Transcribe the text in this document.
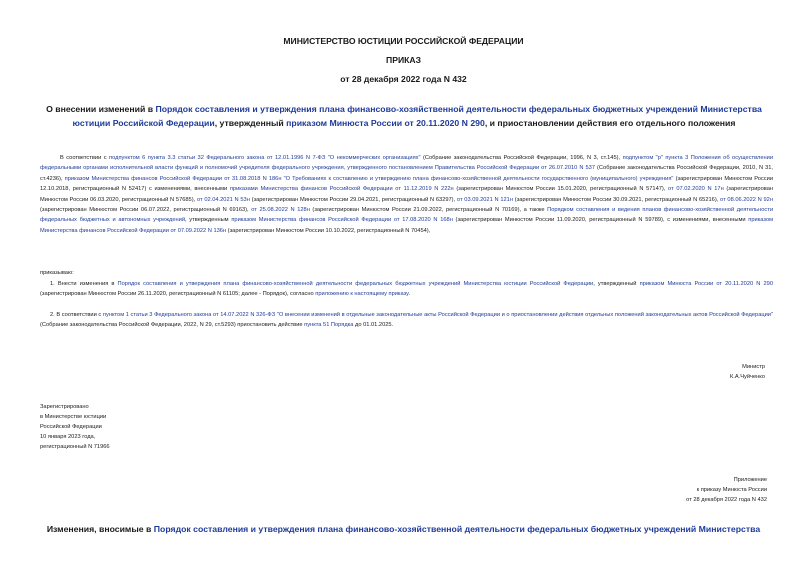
МИНИСТЕРСТВО ЮСТИЦИИ РОССИЙСКОЙ ФЕДЕРАЦИИ
ПРИКАЗ
от 28 декабря 2022 года N 432
О внесении изменений в Порядок составления и утверждения плана финансово-хозяйственной деятельности федеральных бюджетных учреждений Министерства юстиции Российской Федерации, утвержденный приказом Минюста России от 20.11.2020 N 290, и приостановлении действия его отдельного положения
В соответствии с подпунктом 6 пункта 3.3 статьи 32 Федерального закона от 12.01.1996 N 7-ФЗ "О некоммерческих организациях" (Собрание законодательства Российской Федерации, 1996, N 3, ст.145), подпунктом "р" пункта 3 Положения об осуществлении федеральными органами исполнительной власти функций и полномочий учредителя федерального учреждения, утвержденного постановлением Правительства Российской Федерации от 26.07.2010 N 537 (Собрание законодательства Российской Федерации, 2010, N 31, ст.4236), приказом Министерства финансов Российской Федерации от 31.08.2018 N 186н "О Требованиях к составлению и утверждению плана финансово-хозяйственной деятельности государственного (муниципального) учреждения" (зарегистрирован Минюстом России 12.10.2018, регистрационный N 52417) с изменениями, внесенными приказами Министерства финансов Российской Федерации от 11.12.2019 N 222н (зарегистрирован Минюстом России 15.01.2020, регистрационный N 57147), от 07.02.2020 N 17н (зарегистрирован Минюстом России 06.03.2020, регистрационный N 57685), от 02.04.2021 N 53н (зарегистрирован Минюстом России 29.04.2021, регистрационный N 63297), от 03.09.2021 N 121н (зарегистрирован Минюстом России 30.09.2021, регистрационный N 65216), от 08.06.2022 N 92н (зарегистрирован Минюстом России 06.07.2022, регистрационный N 69163), от 25.08.2022 N 128н (зарегистрирован Минюстом России 21.09.2022, регистрационный N 70169), а также Порядком составления и ведения планов финансово-хозяйственной деятельности федеральных бюджетных и автономных учреждений, утвержденным приказом Министерства финансов Российской Федерации от 17.08.2020 N 168н (зарегистрирован Минюстом России 11.09.2020, регистрационный N 59789), с изменениями, внесенными приказом Министерства финансов Российской Федерации от 07.09.2022 N 136н (зарегистрирован Минюстом России 10.10.2022, регистрационный N 70454),
приказываю:
1. Внести изменения в Порядок составления и утверждения плана финансово-хозяйственной деятельности федеральных бюджетных учреждений Министерства юстиции Российской Федерации, утвержденный приказом Минюста России от 20.11.2020 N 290 (зарегистрирован Минюстом России 26.11.2020, регистрационный N 61105; далее - Порядок), согласно приложению к настоящему приказу.
2. В соответствии с пунктом 1 статьи 3 Федерального закона от 14.07.2022 N 326-ФЗ "О внесении изменений в отдельные законодательные акты Российской Федерации и о приостановлении действия отдельных положений законодательных актов Российской Федерации" (Собрание законодательства Российской Федерации, 2022, N 29, ст.5293) приостановить действие пункта 51 Порядка до 01.01.2025.
Министр
К.А.Чуйченко
Зарегистрировано
в Министерстве юстиции
Российской Федерации
10 января 2023 года,
регистрационный N 71966
Приложение
к приказу Минюста России
от 28 декабря 2022 года N 432
Изменения, вносимые в Порядок составления и утверждения плана финансово-хозяйственной деятельности федеральных бюджетных учреждений Министерства
